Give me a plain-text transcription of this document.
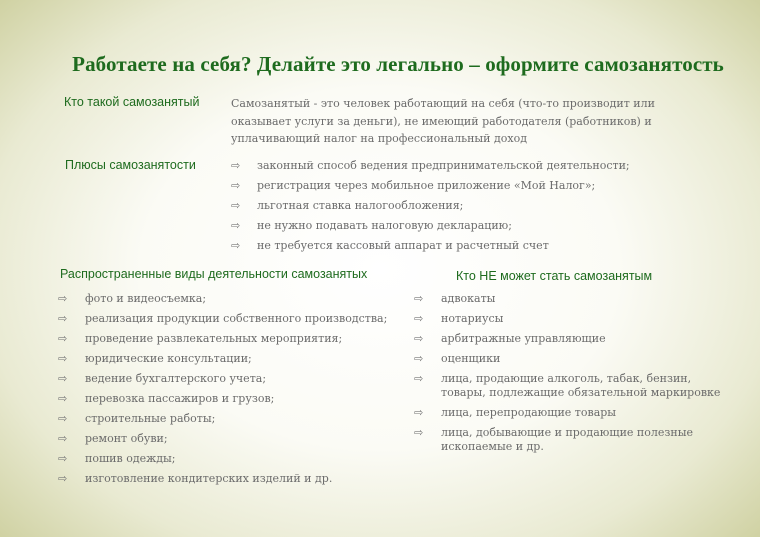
Работаете на себя? Делайте это легально – оформите самозанятость
Кто такой самозанятый	Самозанятый - это человек работающий на себя (что-то производит или оказывает услуги за деньги), не имеющий работодателя (работников) и уплачивающий налог на профессиональный доход
Плюсы самозанятости	⇨ законный способ ведения предпринимательской деятельности;
⇨ регистрация через мобильное приложение «Мой Налог»;
⇨ льготная ставка налогообложения;
⇨ не нужно подавать налоговую декларацию;
⇨ не требуется кассовый аппарат и расчетный счет
Распространенные виды деятельности самозанятых
⇨ фото и видеосъемка;
⇨ реализация продукции собственного производства;
⇨ проведение развлекательных мероприятия;
⇨ юридические консультации;
⇨ ведение бухгалтерского учета;
⇨ перевозка пассажиров и грузов;
⇨ строительные работы;
⇨ ремонт обуви;
⇨ пошив одежды;
⇨ изготовление кондитерских изделий и др.
Кто НЕ может стать самозанятым
⇨ адвокаты
⇨ нотариусы
⇨ арбитражные управляющие
⇨ оценщики
⇨ лица, продающие алкоголь, табак, бензин, товары, подлежащие обязательной маркировке
⇨ лица, перепродающие товары
⇨ лица, добывающие и продающие полезные ископаемые и др.
